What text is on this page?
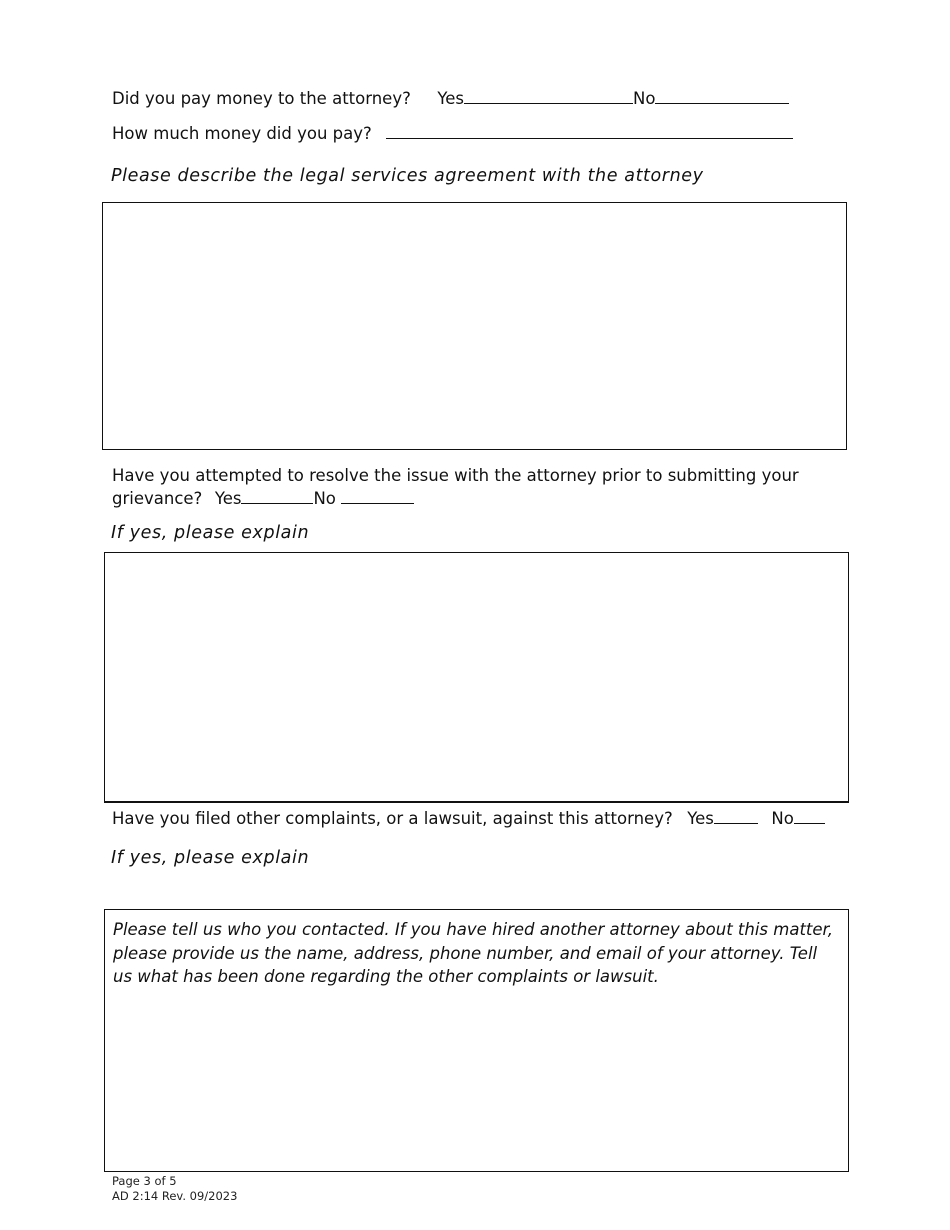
Did you pay money to the attorney? Yes	No
How much money did you pay?
Please describe the legal services agreement with the attorney
Have you attempted to resolve the issue with the attorney prior to submitting your
grievance? Yes	No
If yes, please explain
Have you filed other complaints, or a lawsuit, against this attorney? Yes	No
If yes, please explain
Please tell us who you contacted. If you have hired another attorney about this matter, please provide us the name, address, phone number, and email of your attorney. Tell us what has been done regarding the other complaints or lawsuit.
Page 3 of 5
AD 2:14 Rev. 09/2023
